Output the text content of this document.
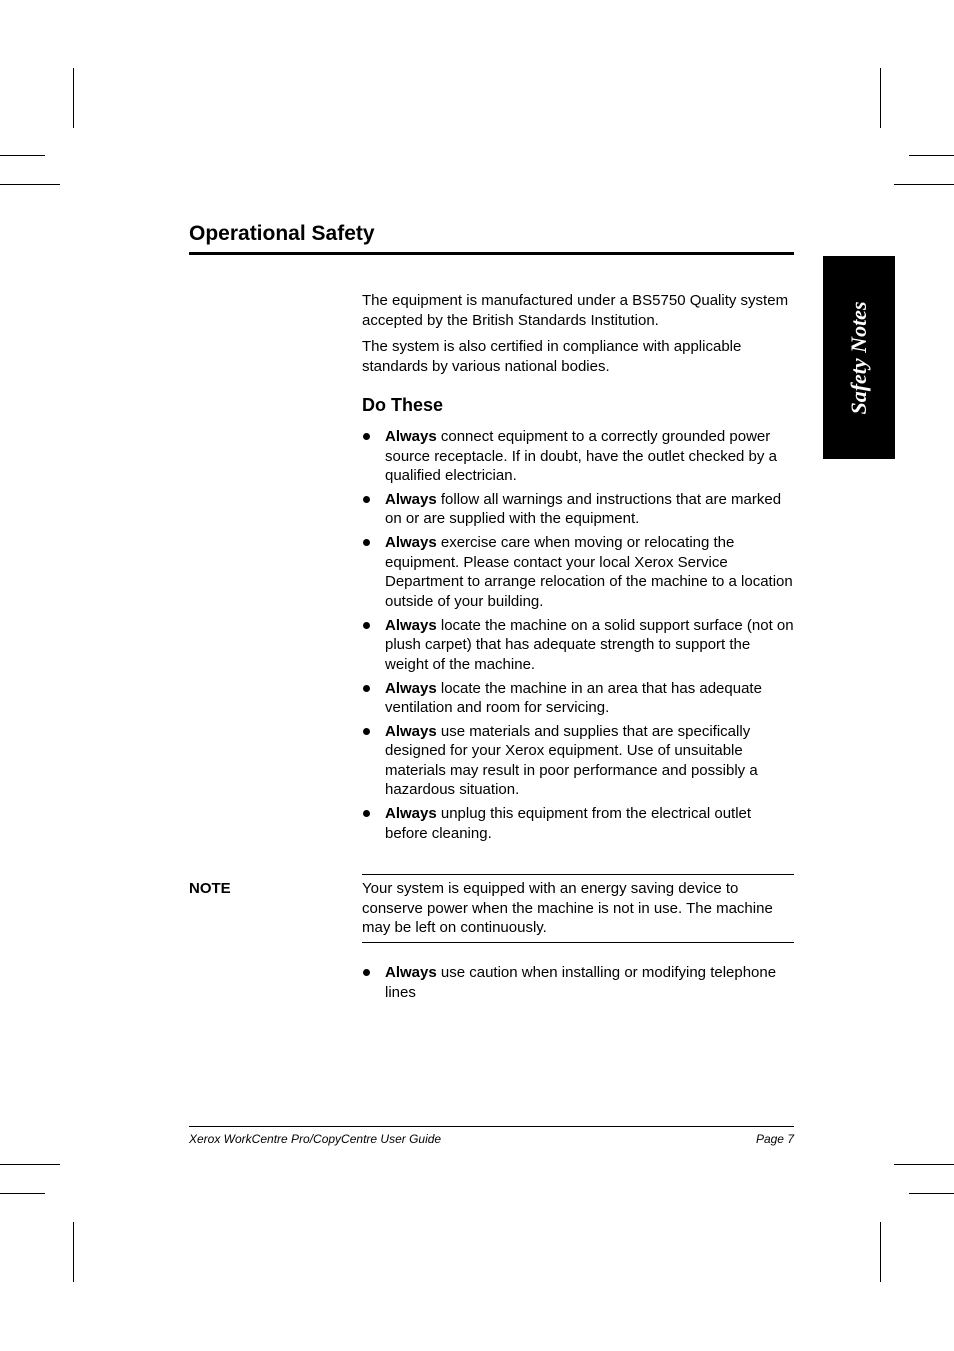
Operational Safety
Safety Notes

The equipment is manufactured under a BS5750 Quality system accepted by the British Standards Institution.

The system is also certified in compliance with applicable standards by various national bodies.

Do These
Always connect equipment to a correctly grounded power source receptacle. If in doubt, have the outlet checked by a qualified electrician.
Always follow all warnings and instructions that are marked on or are supplied with the equipment.
Always exercise care when moving or relocating the equipment. Please contact your local Xerox Service Department to arrange relocation of the machine to a location outside of your building.
Always locate the machine on a solid support surface (not on plush carpet) that has adequate strength to support the weight of the machine.
Always locate the machine in an area that has adequate ventilation and room for servicing.
Always use materials and supplies that are specifically designed for your Xerox equipment. Use of unsuitable materials may result in poor performance and possibly a hazardous situation.
Always unplug this equipment from the electrical outlet before cleaning.
NOTE	Your system is equipped with an energy saving device to conserve power when the machine is not in use. The machine may be left on continuously.

Always use caution when installing or modifying telephone lines
Xerox WorkCentre Pro/CopyCentre User Guide	Page 7
